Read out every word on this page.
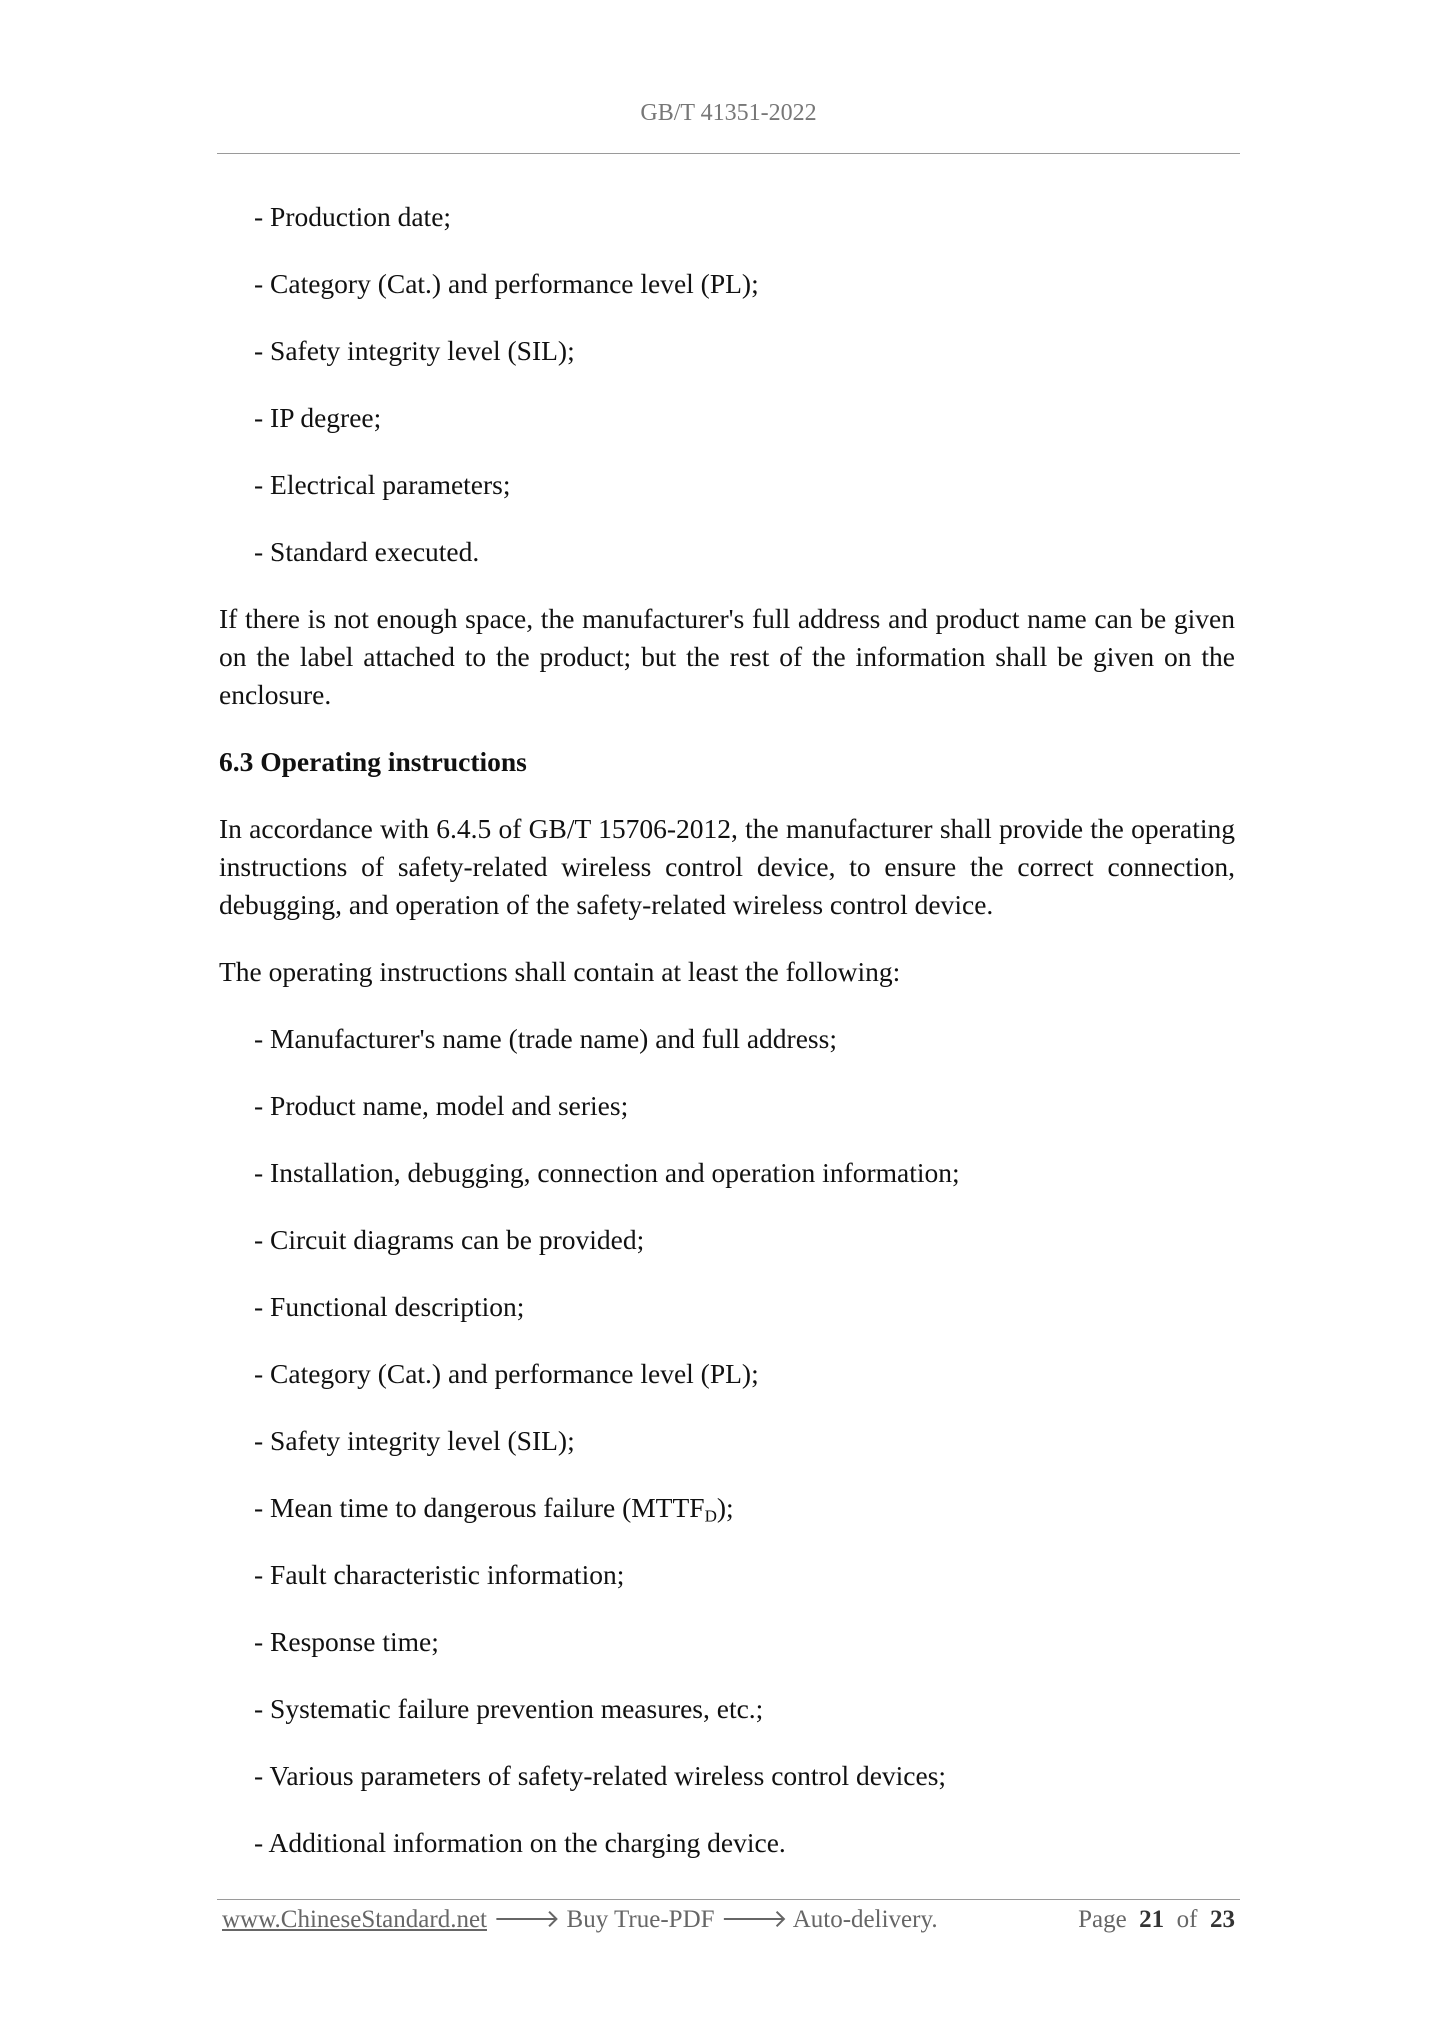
GB/T 41351-2022
- Production date;
- Category (Cat.) and performance level (PL);
- Safety integrity level (SIL);
- IP degree;
- Electrical parameters;
- Standard executed.

If there is not enough space, the manufacturer's full address and product name can be given on the label attached to the product; but the rest of the information shall be given on the enclosure.

6.3 Operating instructions

In accordance with 6.4.5 of GB/T 15706-2012, the manufacturer shall provide the operating instructions of safety-related wireless control device, to ensure the correct connection, debugging, and operation of the safety-related wireless control device.

The operating instructions shall contain at least the following:

- Manufacturer's name (trade name) and full address;
- Product name, model and series;
- Installation, debugging, connection and operation information;
- Circuit diagrams can be provided;
- Functional description;
- Category (Cat.) and performance level (PL);
- Safety integrity level (SIL);
- Mean time to dangerous failure $(MTTF_D)$;
- Fault characteristic information;
- Response time;
- Systematic failure prevention measures, etc.;
- Various parameters of safety-related wireless control devices;
- Additional information on the charging device.
www.ChineseStandard.net 🡒 Buy True-PDF 🡒 Auto-delivery.	Page 21 of 23
